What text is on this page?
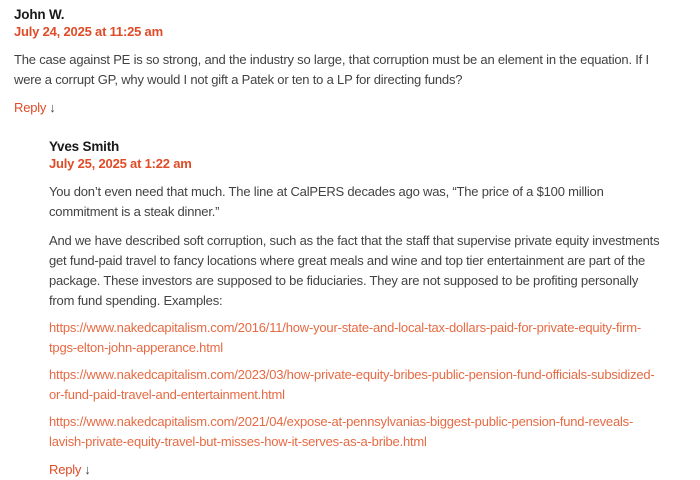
John W.
July 24, 2025 at 11:25 am

The case against PE is so strong, and the industry so large, that corruption must be an element in the equation. If I were a corrupt GP, why would I not gift a Patek or ten to a LP for directing funds?

Reply ↓
Yves Smith
July 25, 2025 at 1:22 am

You don’t even need that much. The line at CalPERS decades ago was, “The price of a $100 million commitment is a steak dinner.”

And we have described soft corruption, such as the fact that the staff that supervise private equity investments get fund-paid travel to fancy locations where great meals and wine and top tier entertainment are part of the package. These investors are supposed to be fiduciaries. They are not supposed to be profiting personally from fund spending. Examples:

https://www.nakedcapitalism.com/2016/11/how-your-state-and-local-tax-dollars-paid-for-private-equity-firm-tpgs-elton-john-apperance.html

https://www.nakedcapitalism.com/2023/03/how-private-equity-bribes-public-pension-fund-officials-subsidized-or-fund-paid-travel-and-entertainment.html

https://www.nakedcapitalism.com/2021/04/expose-at-pennsylvanias-biggest-public-pension-fund-reveals-lavish-private-equity-travel-but-misses-how-it-serves-as-a-bribe.html

Reply ↓
